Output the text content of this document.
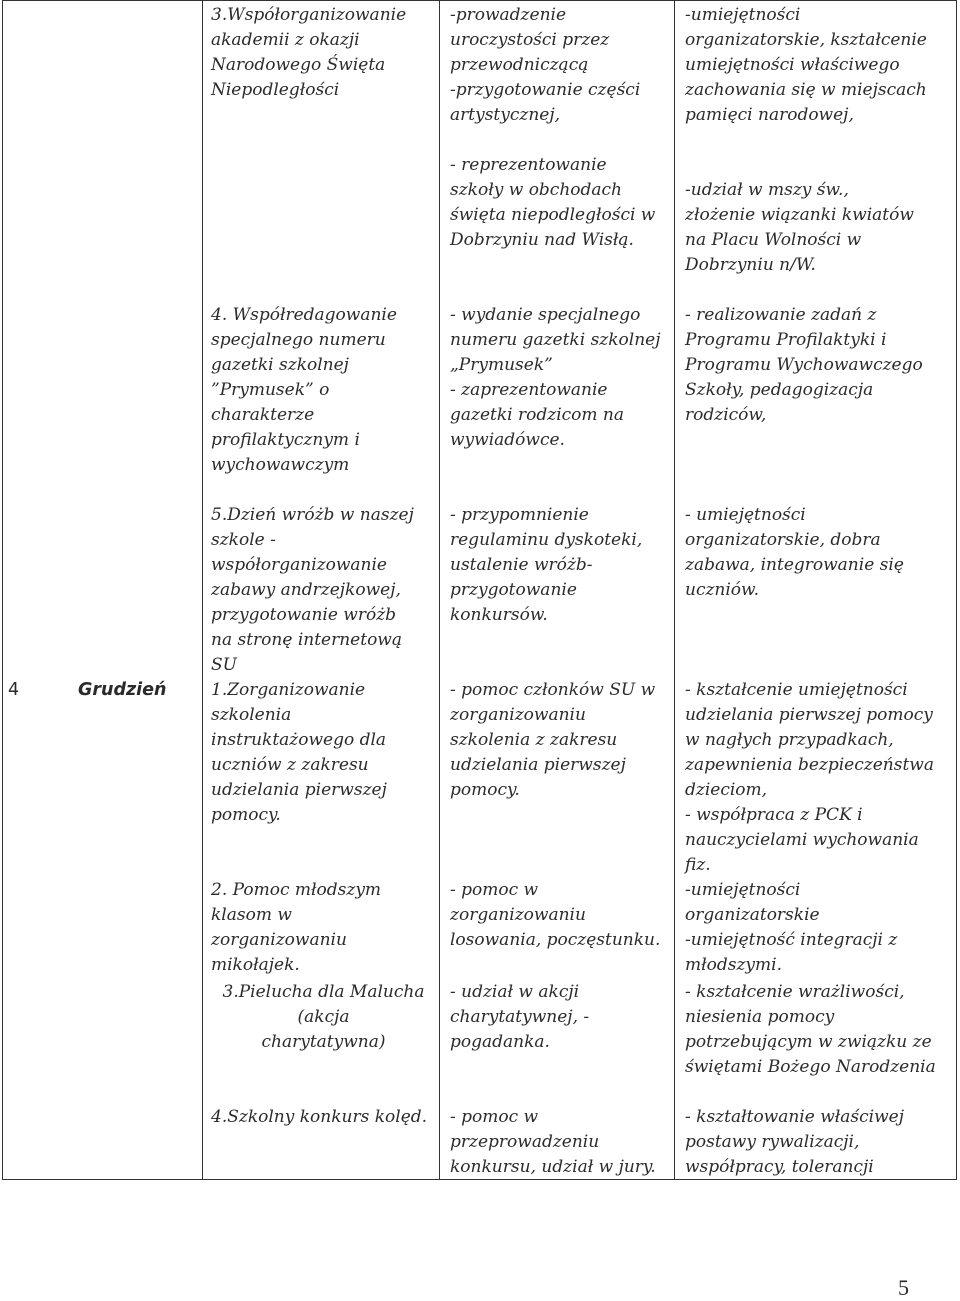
4	Grudzień
3.Współorganizowanie
akademii z okazji
Narodowego Święta
Niepodległości
-prowadzenie
uroczystości przez
przewodniczącą
-przygotowanie części
artystycznej,
-umiejętności
organizatorskie, kształcenie
umiejętności właściwego
zachowania się w miejscach
pamięci narodowej,
- reprezentowanie
szkoły w obchodach
święta niepodległości w
Dobrzyniu nad Wisłą.
-udział w mszy św.,
złożenie wiązanki kwiatów
na Placu Wolności w
Dobrzyniu n/W.
4. Współredagowanie
specjalnego numeru
gazetki szkolnej
”Prymusek” o
charakterze
profilaktycznym i
wychowawczym
- wydanie specjalnego
numeru gazetki szkolnej
„Prymusek”
- zaprezentowanie
gazetki rodzicom na
wywiadówce.
- realizowanie zadań z
Programu Profilaktyki i
Programu Wychowawczego
Szkoły, pedagogizacja
rodziców,
5.Dzień wróżb w naszej
szkole -
współorganizowanie
zabawy andrzejkowej,
przygotowanie wróżb
na stronę internetową
SU
- przypomnienie
regulaminu dyskoteki,
ustalenie wróżb-
przygotowanie
konkursów.
- umiejętności
organizatorskie, dobra
zabawa, integrowanie się
uczniów.
1.Zorganizowanie
szkolenia
instruktażowego dla
uczniów z zakresu
udzielania pierwszej
pomocy.
- pomoc członków SU w
zorganizowaniu
szkolenia z zakresu
udzielania pierwszej
pomocy.
- kształcenie umiejętności
udzielania pierwszej pomocy
w nagłych przypadkach,
zapewnienia bezpieczeństwa
dzieciom,
- współpraca z PCK i
nauczycielami wychowania
fiz.
2. Pomoc młodszym
klasom w
zorganizowaniu
mikołajek.
- pomoc w
zorganizowaniu
losowania, poczęstunku.
-umiejętności
organizatorskie
-umiejętność integracji z
młodszymi.
3.Pielucha dla Malucha
(akcja
charytatywna)
- udział w akcji
charytatywnej, -
pogadanka.
- kształcenie wrażliwości,
niesienia pomocy
potrzebującym w związku ze
świętami Bożego Narodzenia
4.Szkolny konkurs kolęd.	- pomoc w
przeprowadzeniu
konkursu, udział w jury.
- kształtowanie właściwej
postawy rywalizacji,
współpracy, tolerancji
5
